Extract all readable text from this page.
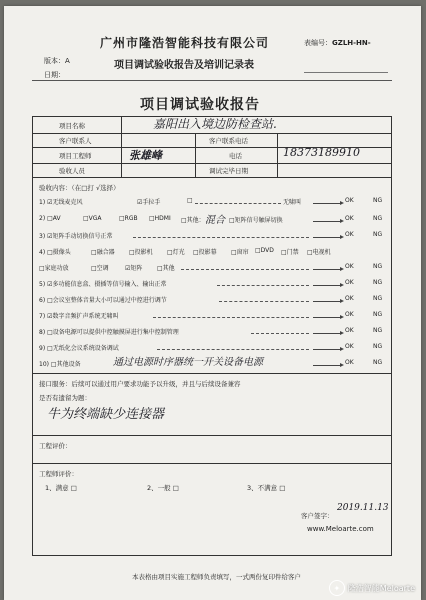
广州市隆浩智能科技有限公司	表编号：GZLH-HN-
版本：A	项目调试验收报告及培训记录表
日期：
项目调试验收报告
项目名称	嘉阳出入境边防检查站.
客户联系人	客户联系电话
项目工程师	张雄峰	电话	18373189910
验收人员	调试完毕日期
验收内容：（在□打 √选择）
1) ☑无线麦克风	☑手拉手	□	无啸叫	OK	NG
2) □AV	□VGA	□RGB □HDMI □其他： 混合 □矩阵信号触屏切换	OK	NG
3) ☑矩阵手动切换信号正常	OK	NG
4) □摄像头	□融合器 □投影机 □灯光 □投影幕 □窗帘 □DVD □门禁 □电视机
□家庭功放	□空调	☑矩阵 □其他	OK	NG
5) ☑多功能信息盒、摄插等信号输入、输出正常	OK	NG
6) □会议室整体音量大小可以通过中控进行调节	OK	NG
7) ☑数字音频扩声系统无啸叫	OK	NG
8) □设备电源可以提供中控触摸屏进行集中控制管理	OK	NG
9) □无纸化会议系统设备调试	OK	NG
10) □其他设备	通过电源时序器统一开关设备电源	OK	NG
接口服务：后续可以通过用户要求功能予以升级，并且与后续设备兼容
是否有遗留为题：
牛为终端缺少连接器
工程评价：
工程师评价：
1、满意 □	2、一般 □	3、不满意 □
客户签字：
2019.11.13
www.Meloarte.com
本表格由项目实施工程师负责填写，一式两份复印件给客户
✦ 隆浩智能Meloarte
